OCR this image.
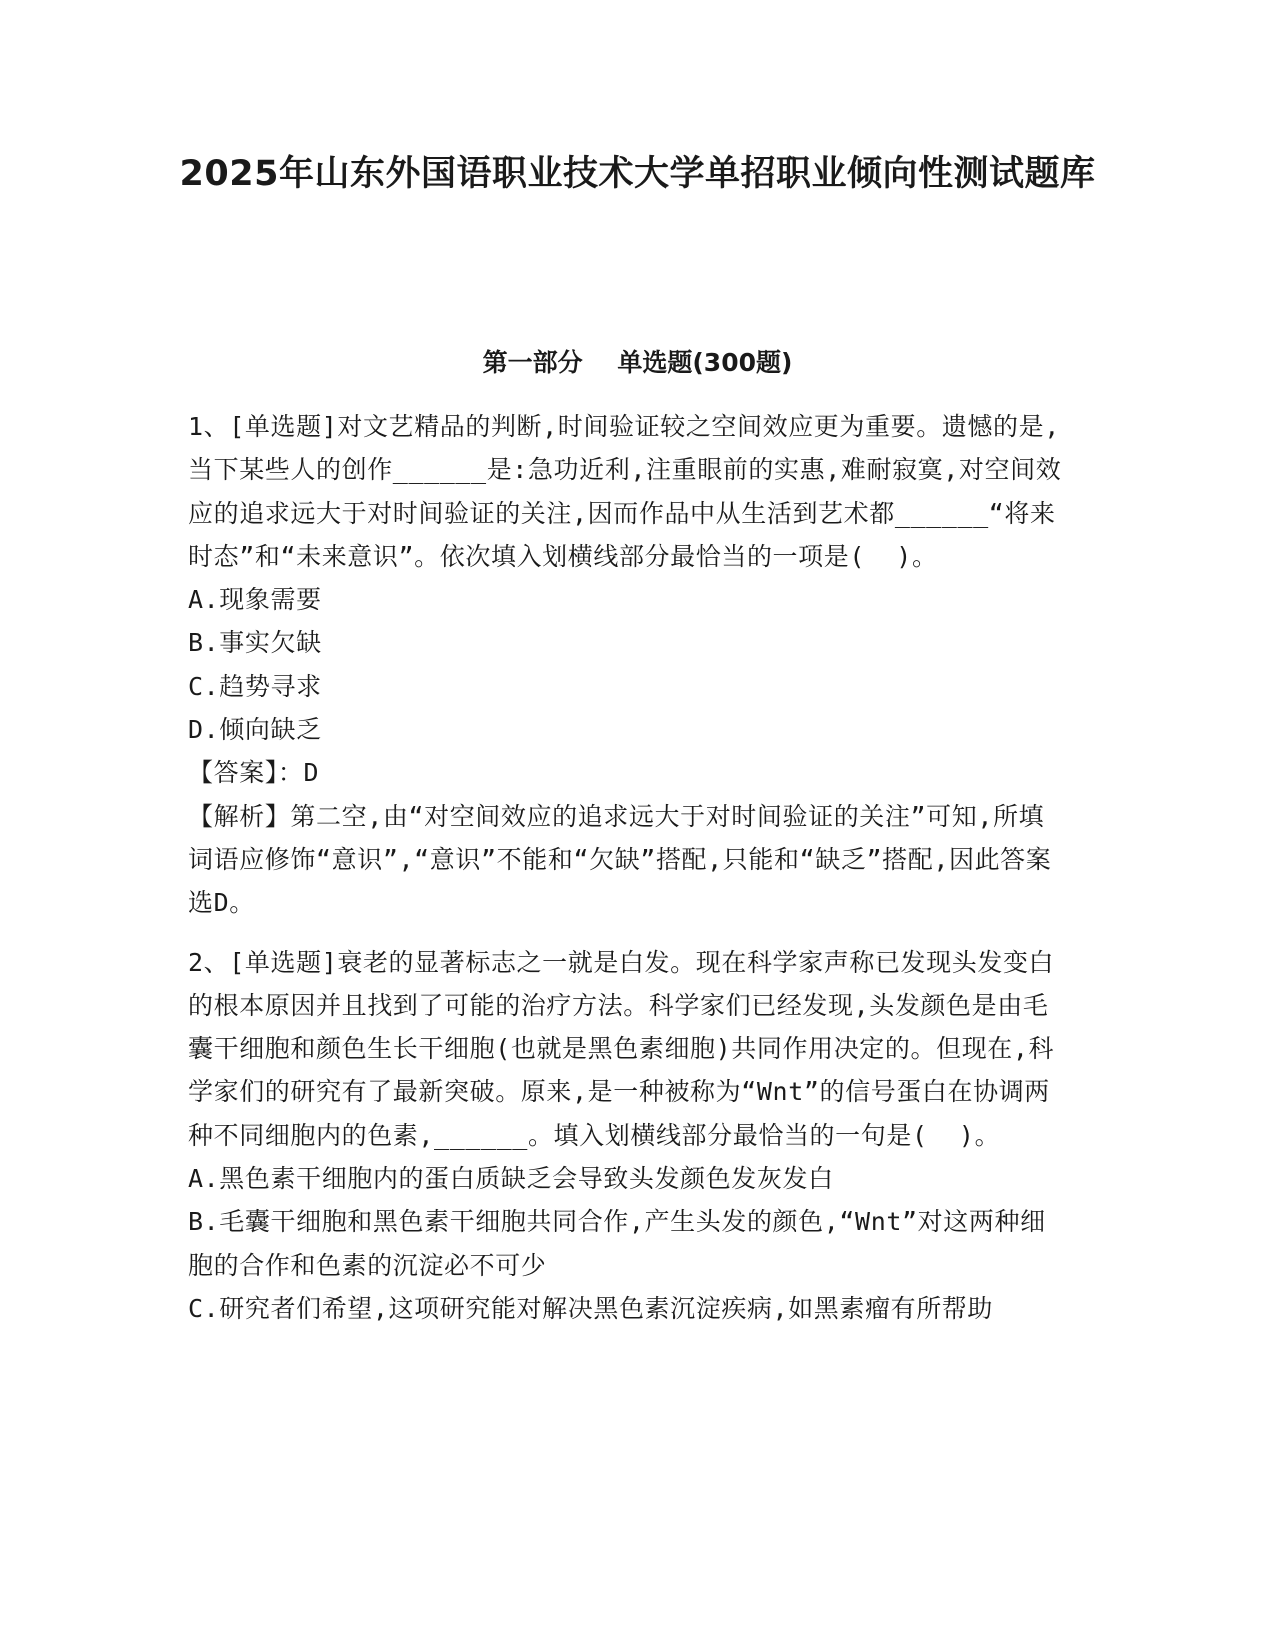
2025年山东外国语职业技术大学单招职业倾向性测试题库
第一部分    单选题(300题)

1、[单选题]对文艺精品的判断,时间验证较之空间效应更为重要。遗憾的是,当下某些人的创作______是:急功近利,注重眼前的实惠,难耐寂寞,对空间效应的追求远大于对时间验证的关注,因而作品中从生活到艺术都______“将来时态”和“未来意识”。依次填入划横线部分最恰当的一项是(  )。

A.现象需要

B.事实欠缺

C.趋势寻求

D.倾向缺乏

【答案】：D

【解析】第二空,由“对空间效应的追求远大于对时间验证的关注”可知,所填词语应修饰“意识”,“意识”不能和“欠缺”搭配,只能和“缺乏”搭配,因此答案选D。

2、[单选题]衰老的显著标志之一就是白发。现在科学家声称已发现头发变白的根本原因并且找到了可能的治疗方法。科学家们已经发现,头发颜色是由毛囊干细胞和颜色生长干细胞(也就是黑色素细胞)共同作用决定的。但现在,科学家们的研究有了最新突破。原来,是一种被称为“Wnt”的信号蛋白在协调两种不同细胞内的色素,______。填入划横线部分最恰当的一句是(  )。

A.黑色素干细胞内的蛋白质缺乏会导致头发颜色发灰发白

B.毛囊干细胞和黑色素干细胞共同合作,产生头发的颜色,“Wnt”对这两种细胞的合作和色素的沉淀必不可少

C.研究者们希望,这项研究能对解决黑色素沉淀疾病,如黑素瘤有所帮助
